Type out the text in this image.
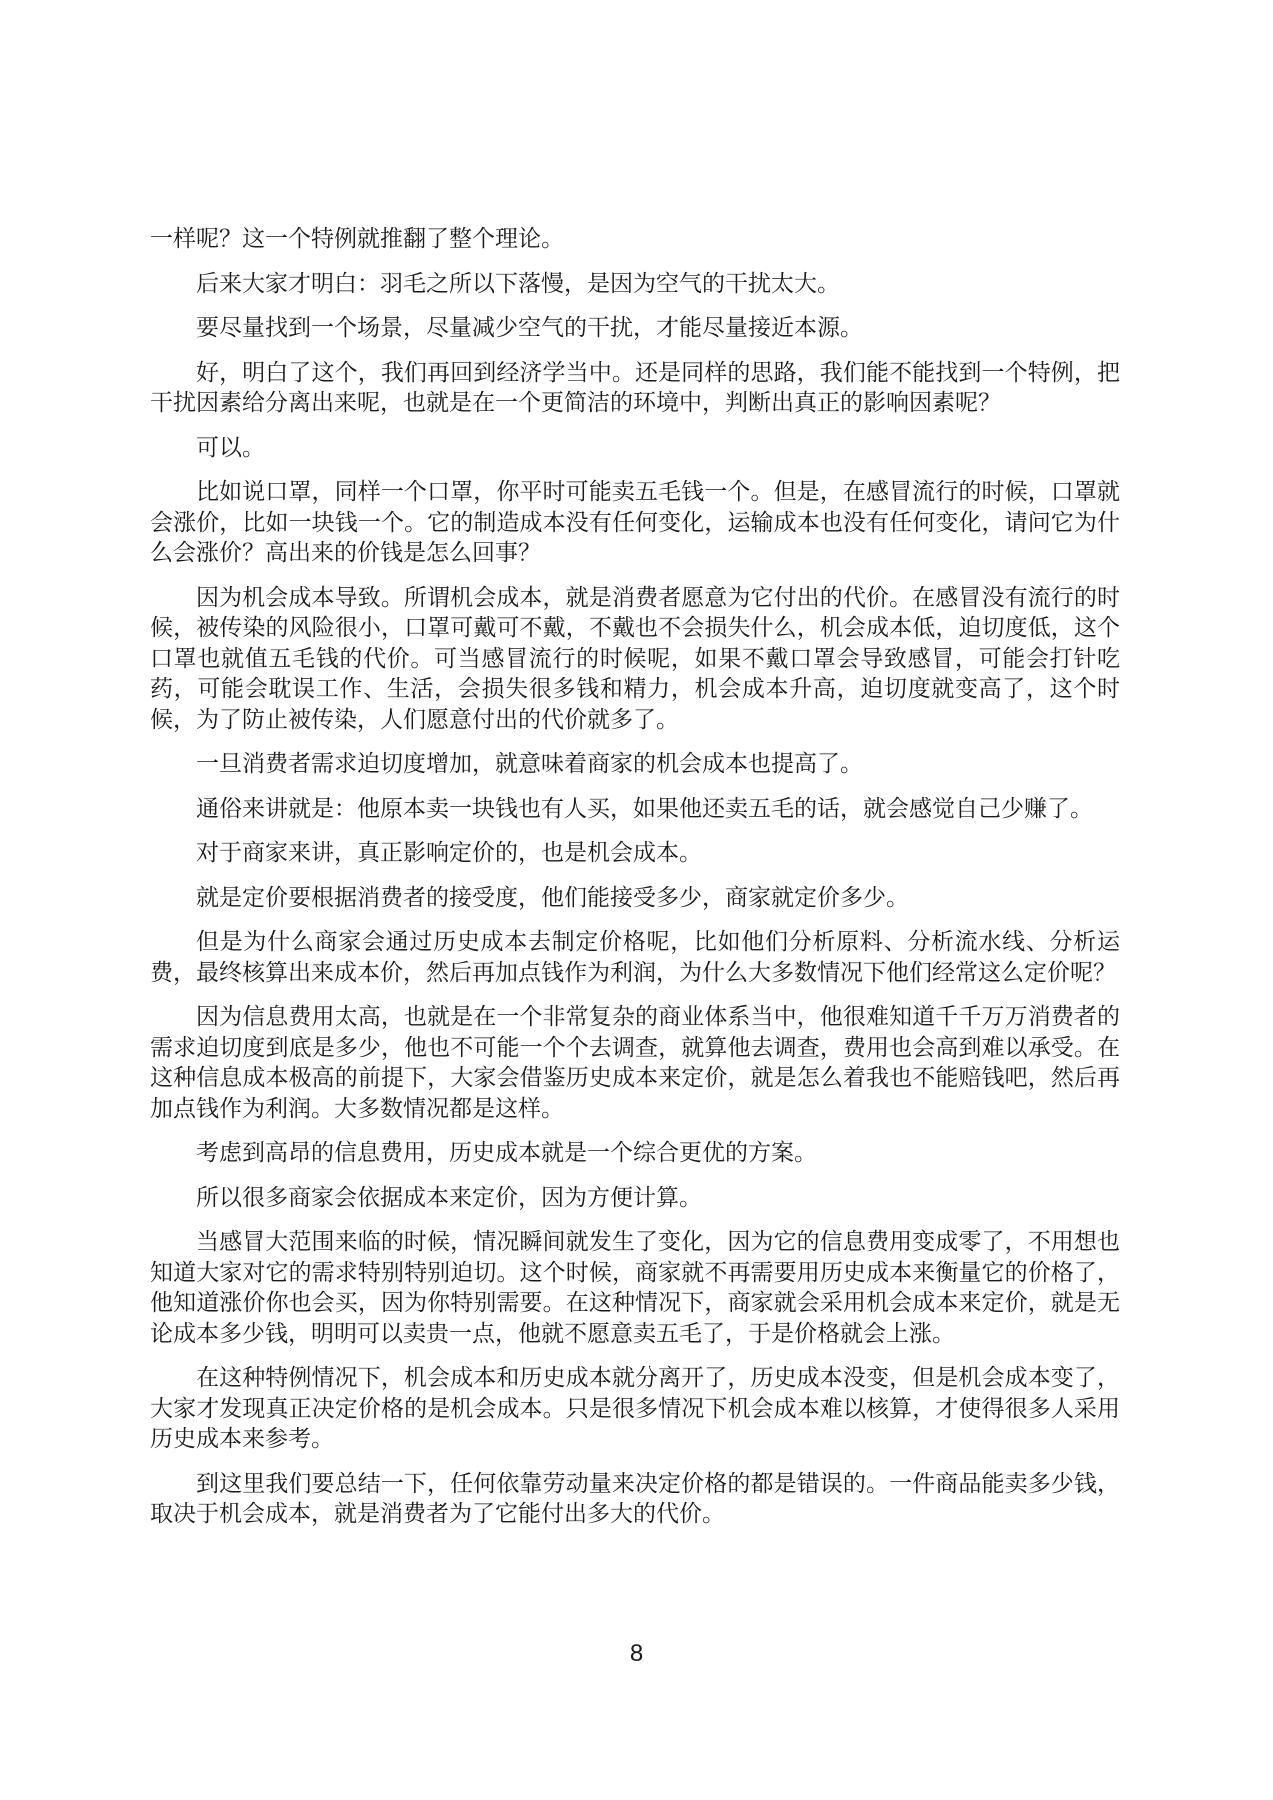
一样呢？这一个特例就推翻了整个理论。

后来大家才明白：羽毛之所以下落慢，是因为空气的干扰太大。

要尽量找到一个场景，尽量减少空气的干扰，才能尽量接近本源。

好，明白了这个，我们再回到经济学当中。还是同样的思路，我们能不能找到一个特例，把干扰因素给分离出来呢，也就是在一个更简洁的环境中，判断出真正的影响因素呢？

可以。

比如说口罩，同样一个口罩，你平时可能卖五毛钱一个。但是，在感冒流行的时候，口罩就会涨价，比如一块钱一个。它的制造成本没有任何变化，运输成本也没有任何变化，请问它为什么会涨价？高出来的价钱是怎么回事？

因为机会成本导致。所谓机会成本，就是消费者愿意为它付出的代价。在感冒没有流行的时候，被传染的风险很小，口罩可戴可不戴，不戴也不会损失什么，机会成本低，迫切度低，这个口罩也就值五毛钱的代价。可当感冒流行的时候呢，如果不戴口罩会导致感冒，可能会打针吃药，可能会耽误工作、生活，会损失很多钱和精力，机会成本升高，迫切度就变高了，这个时候，为了防止被传染，人们愿意付出的代价就多了。

一旦消费者需求迫切度增加，就意味着商家的机会成本也提高了。

通俗来讲就是：他原本卖一块钱也有人买，如果他还卖五毛的话，就会感觉自己少赚了。

对于商家来讲，真正影响定价的，也是机会成本。

就是定价要根据消费者的接受度，他们能接受多少，商家就定价多少。

但是为什么商家会通过历史成本去制定价格呢，比如他们分析原料、分析流水线、分析运费，最终核算出来成本价，然后再加点钱作为利润，为什么大多数情况下他们经常这么定价呢？

因为信息费用太高，也就是在一个非常复杂的商业体系当中，他很难知道千千万万消费者的需求迫切度到底是多少，他也不可能一个个去调查，就算他去调查，费用也会高到难以承受。在这种信息成本极高的前提下，大家会借鉴历史成本来定价，就是怎么着我也不能赔钱吧，然后再加点钱作为利润。大多数情况都是这样。

考虑到高昂的信息费用，历史成本就是一个综合更优的方案。

所以很多商家会依据成本来定价，因为方便计算。

当感冒大范围来临的时候，情况瞬间就发生了变化，因为它的信息费用变成零了，不用想也知道大家对它的需求特别特别迫切。这个时候，商家就不再需要用历史成本来衡量它的价格了，他知道涨价你也会买，因为你特别需要。在这种情况下，商家就会采用机会成本来定价，就是无论成本多少钱，明明可以卖贵一点，他就不愿意卖五毛了，于是价格就会上涨。

在这种特例情况下，机会成本和历史成本就分离开了，历史成本没变，但是机会成本变了，大家才发现真正决定价格的是机会成本。只是很多情况下机会成本难以核算，才使得很多人采用历史成本来参考。

到这里我们要总结一下，任何依靠劳动量来决定价格的都是错误的。一件商品能卖多少钱，取决于机会成本，就是消费者为了它能付出多大的代价。

8
